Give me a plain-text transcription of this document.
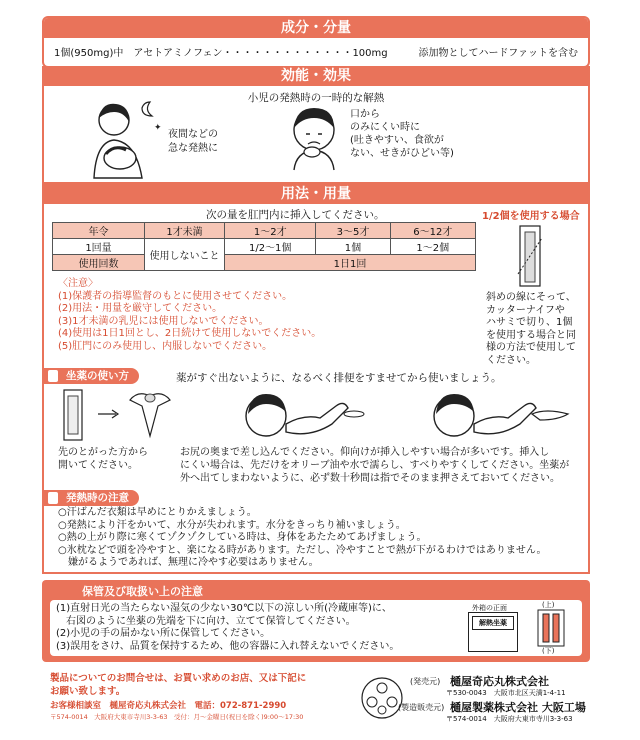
成分・分量
1個(950mg)中　アセトアミノフェン・・・・・・・・・・・・・100mg	添加物としてハードファットを含む
効能・効果
小児の発熱時の一時的な解熱
✦
夜間などの
急な発熱に
口から
のみにくい時に
(吐きやすい、食欲が
ない、せきがひどい等)
用法・用量
次の量を肛門内に挿入してください。
年令	1才未満	1〜2才	3〜5才	6〜12才
1回量	使用しないこと	1/2〜1個	1個	1〜2個
使用回数		1日1回		
〈注意〉
(1)保護者の指導監督のもとに使用させてください。
(2)用法・用量を厳守してください。
(3)1才未満の乳児には使用しないでください。
(4)使用は1日1回とし、2日続けて使用しないでください。
(5)肛門にのみ使用し、内服しないでください。
1/2個を使用する場合
斜めの線にそって、
カッターナイフや
ハサミで切り、1個
を使用する場合と同
様の方法で使用して
ください。
坐薬の使い方	薬がすぐ出ないように、なるべく排便をすませてから使いましょう。
先のとがった方から
開いてください。
お尻の奥まで差し込んでください。仰向けが挿入しやすい場合が多いです。挿入し
にくい場合は、先だけをオリーブ油や水で濡らし、すべりやすくしてください。坐薬が
外へ出てしまわないように、必ず数十秒間は指でそのまま押さえておいてください。
発熱時の注意
○汗ばんだ衣類は早めにとりかえましょう。
○発熱により汗をかいて、水分が失われます。水分をきっちり補いましょう。
○熱の上がり際に寒くてゾクゾクしている時は、身体をあたためてあげましょう。
○氷枕などで頭を冷やすと、楽になる時があります。ただし、冷やすことで熱が下がるわけではありません。
　嫌がるようであれば、無理に冷やす必要はありません。
保管及び取扱い上の注意
(1)直射日光の当たらない湿気の少ない30℃以下の涼しい所(冷蔵庫等)に、
　右図のように坐薬の先端を下に向け、立てて保管してください。
(2)小児の手の届かない所に保管してください。
(3)誤用をさけ、品質を保持するため、他の容器に入れ替えないでください。
外箱の正面
解熱坐薬
(上)
(下)
製品についてのお問合せは、お買い求めのお店、又は下記に
お願い致します。
お客様相談室　樋屋奇応丸株式会社　電話：072-871-2990
〒574-0014　大阪府大東市寺川3-3-63　受付：月〜金曜日(祝日を除く)9:00〜17:30
(発売元) 樋屋奇応丸株式会社
〒530-0043　大阪市北区天満1-4-11
(製造販売元) 樋屋製薬株式会社 大阪工場
〒574-0014　大阪府大東市寺川3-3-63
